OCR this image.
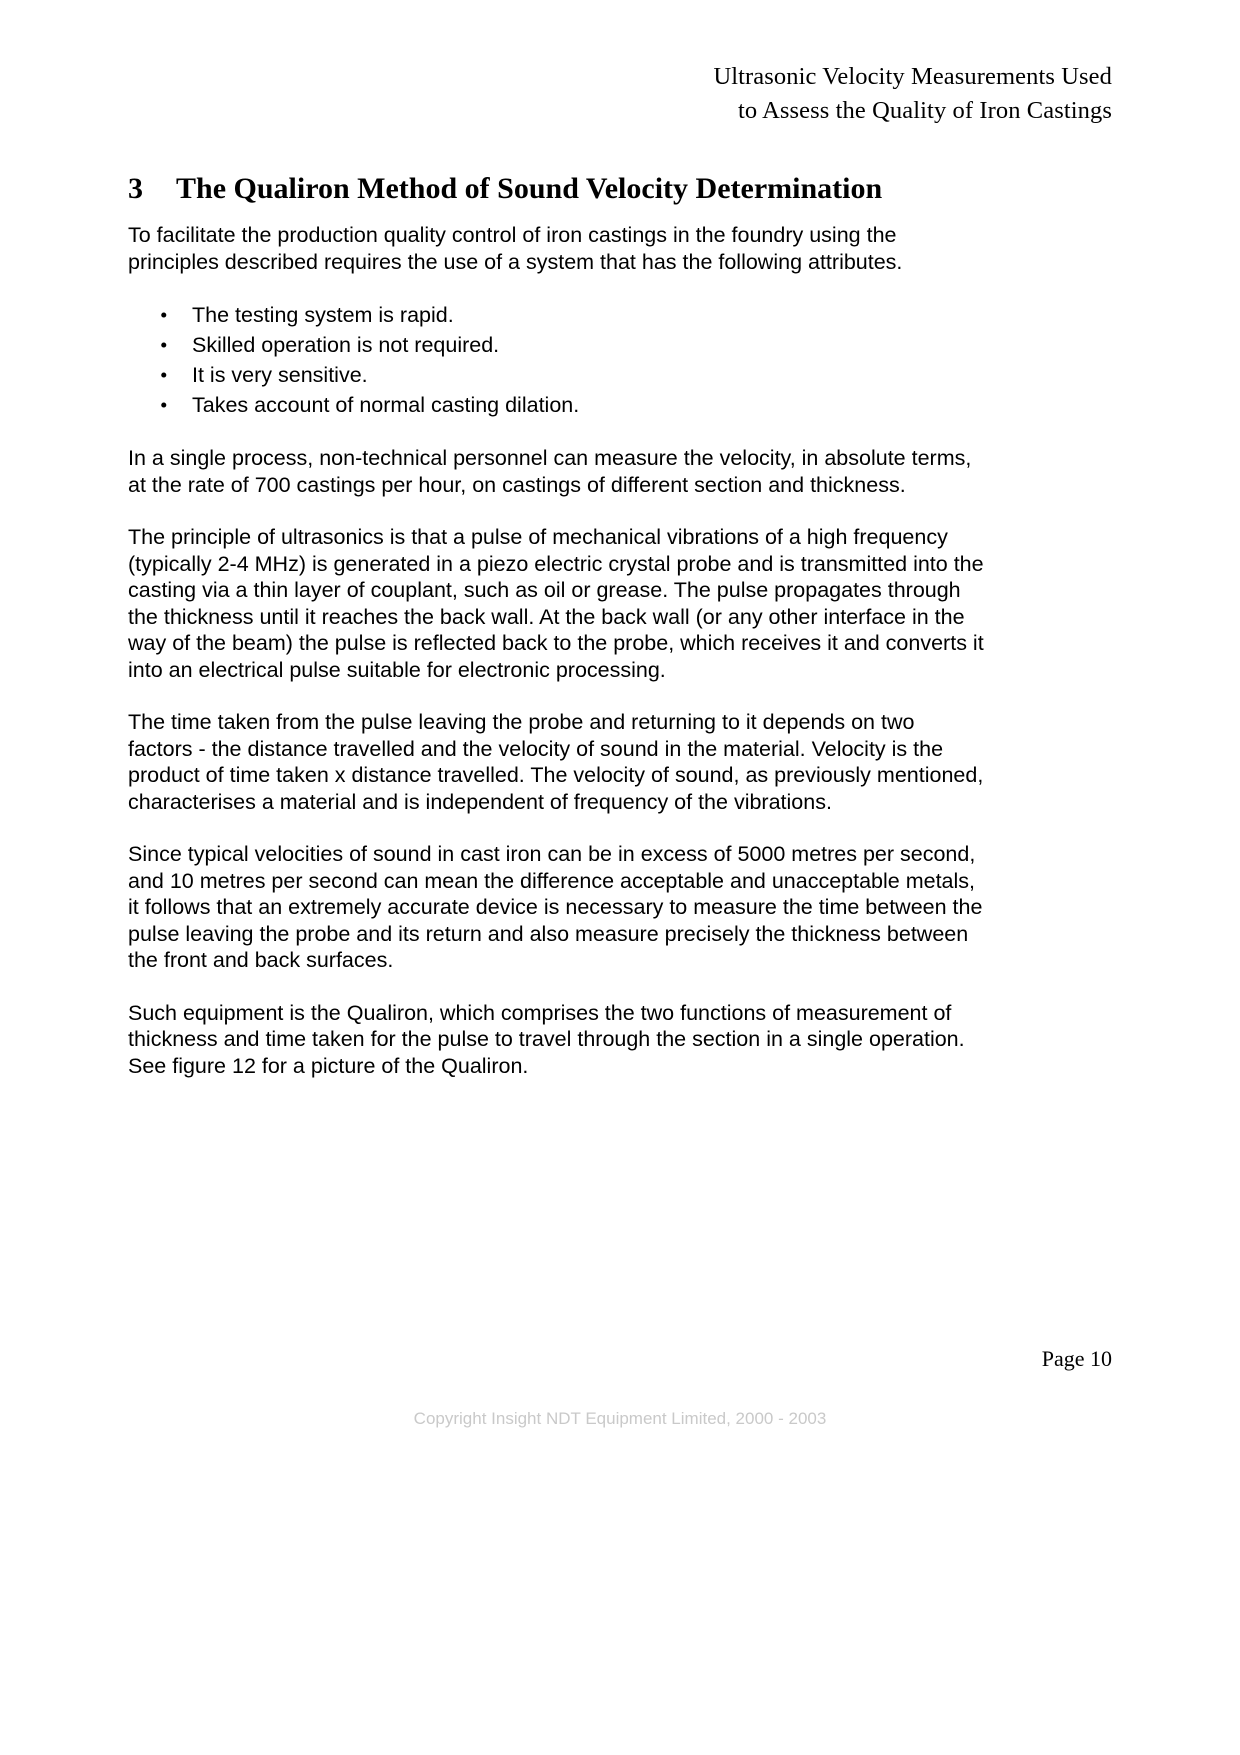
Ultrasonic Velocity Measurements Used
to Assess the Quality of Iron Castings
3 The Qualiron Method of Sound Velocity Determination

To facilitate the production quality control of iron castings in the foundry using the principles described requires the use of a system that has the following attributes.

• The testing system is rapid.
• Skilled operation is not required.
• It is very sensitive.
• Takes account of normal casting dilation.

In a single process, non-technical personnel can measure the velocity, in absolute terms, at the rate of 700 castings per hour, on castings of different section and thickness.

The principle of ultrasonics is that a pulse of mechanical vibrations of a high frequency (typically 2-4 MHz) is generated in a piezo electric crystal probe and is transmitted into the casting via a thin layer of couplant, such as oil or grease. The pulse propagates through the thickness until it reaches the back wall. At the back wall (or any other interface in the way of the beam) the pulse is reflected back to the probe, which receives it and converts it into an electrical pulse suitable for electronic processing.

The time taken from the pulse leaving the probe and returning to it depends on two factors - the distance travelled and the velocity of sound in the material. Velocity is the product of time taken x distance travelled. The velocity of sound, as previously mentioned, characterises a material and is independent of frequency of the vibrations.

Since typical velocities of sound in cast iron can be in excess of 5000 metres per second, and 10 metres per second can mean the difference acceptable and unacceptable metals, it follows that an extremely accurate device is necessary to measure the time between the pulse leaving the probe and its return and also measure precisely the thickness between the front and back surfaces.

Such equipment is the Qualiron, which comprises the two functions of measurement of thickness and time taken for the pulse to travel through the section in a single operation. See figure 12 for a picture of the Qualiron.

Page 10
Copyright Insight NDT Equipment Limited, 2000 - 2003
